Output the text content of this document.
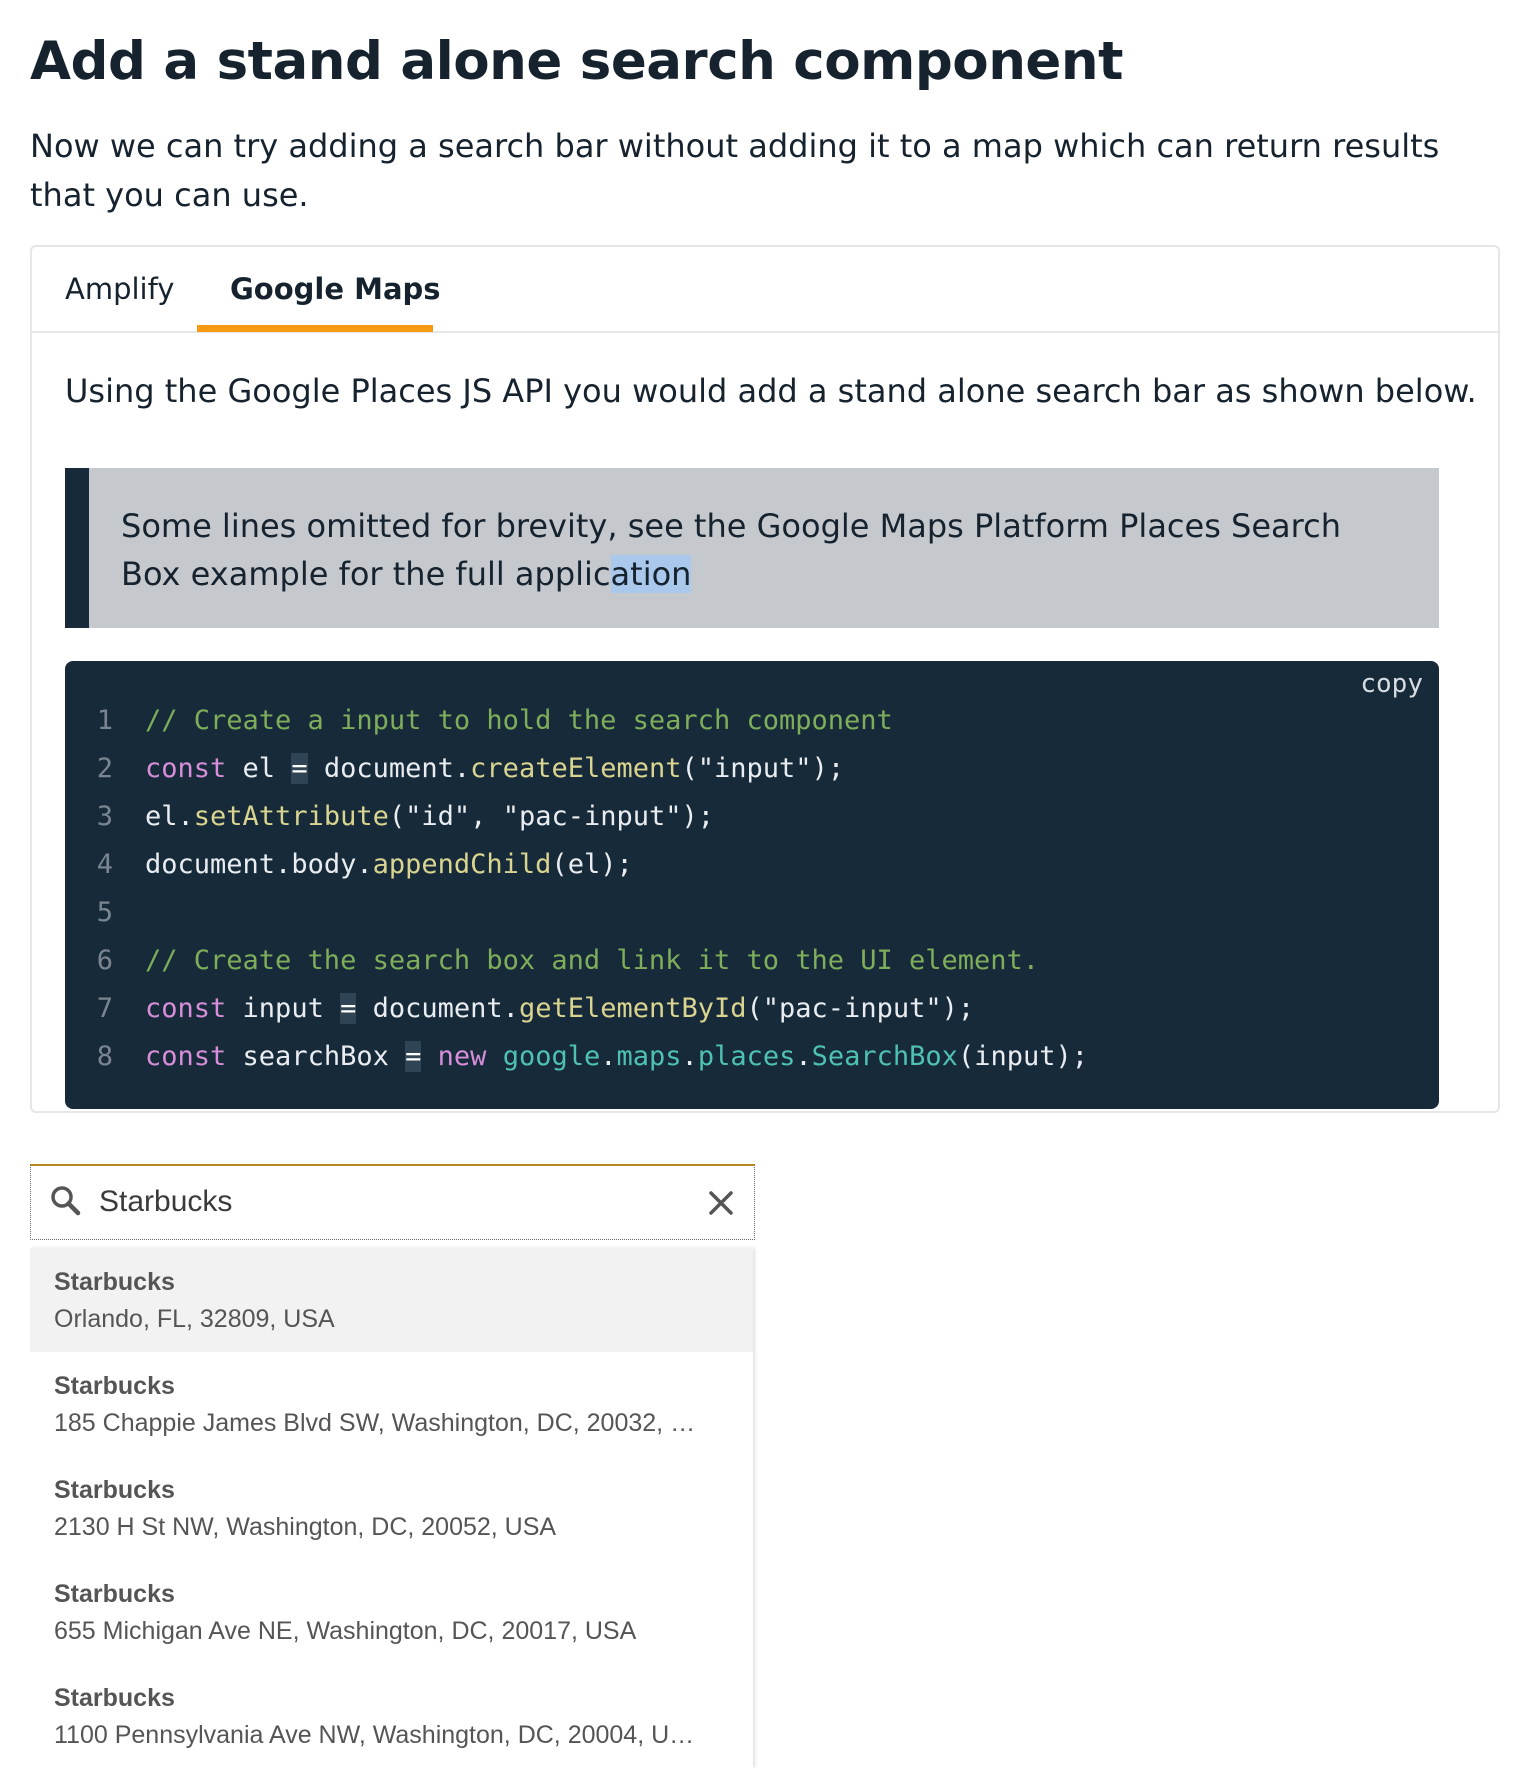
Add a stand alone search component

Now we can try adding a search bar without adding it to a map which can return results that you can use.

Amplify Google Maps
Using the Google Places JS API you would add a stand alone search bar as shown below.
Some lines omitted for brevity, see the Google Maps Platform Places Search Box example for the full application
copy
1 // Create a input to hold the search component
2 const el = document.createElement("input");
3 el.setAttribute("id", "pac-input");
4 document.body.appendChild(el);
5
6 // Create the search box and link it to the UI element.
7 const input = document.getElementById("pac-input");
8 const searchBox = new google.maps.places.SearchBox(input);
Starbucks
Starbucks
Orlando, FL, 32809, USA
Starbucks
185 Chappie James Blvd SW, Washington, DC, 20032, …
Starbucks
2130 H St NW, Washington, DC, 20052, USA
Starbucks
655 Michigan Ave NE, Washington, DC, 20017, USA
Starbucks
1100 Pennsylvania Ave NW, Washington, DC, 20004, U…
